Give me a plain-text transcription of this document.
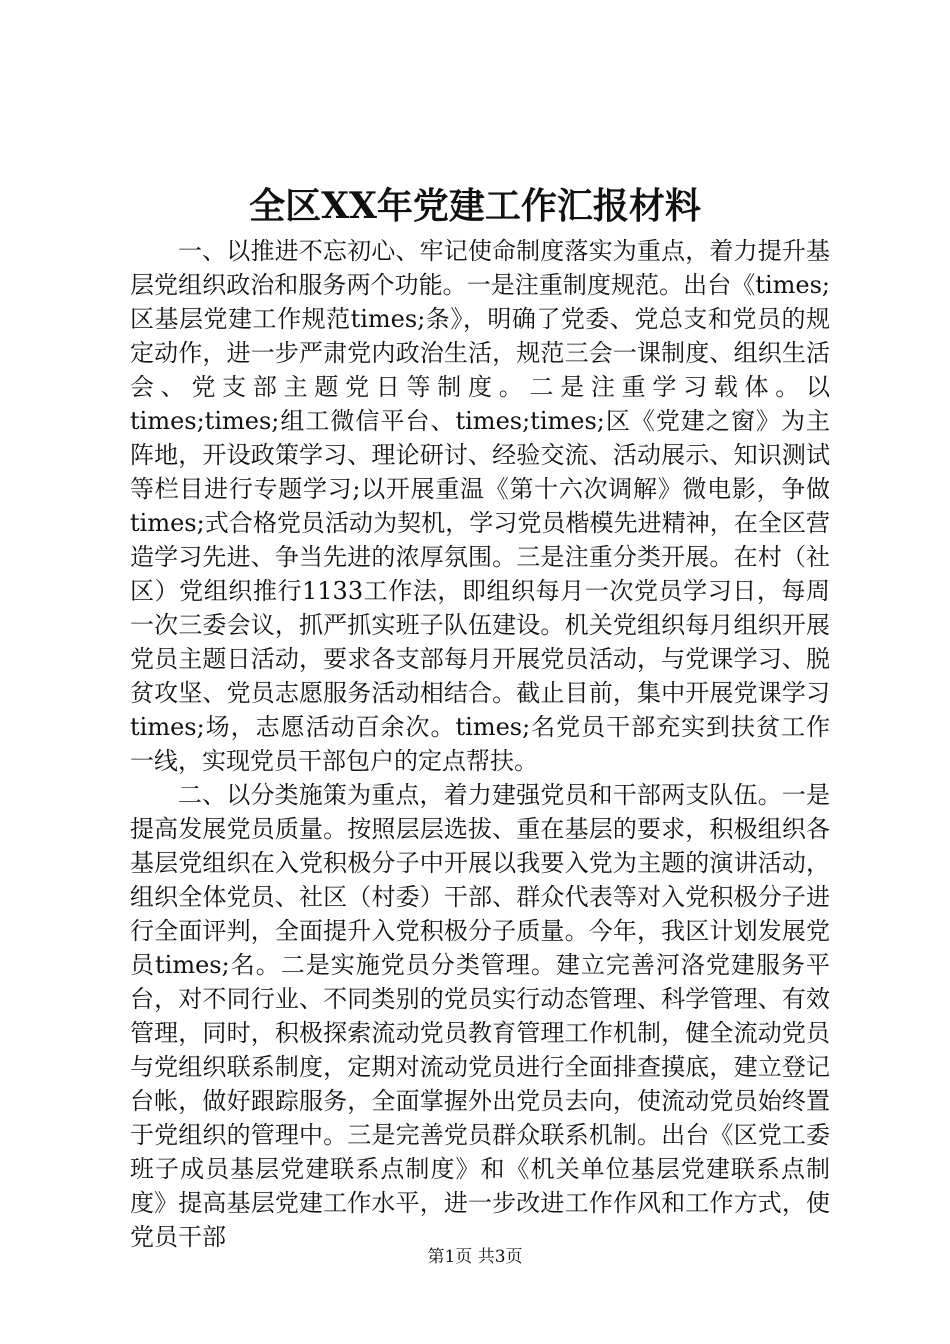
全区XX年党建工作汇报材料

一、以推进不忘初心、牢记使命制度落实为重点，着力提升基层党组织政治和服务两个功能。一是注重制度规范。出台《times;区基层党建工作规范times;条》，明确了党委、党总支和党员的规定动作，进一步严肃党内政治生活，规范三会一课制度、组织生活会、党支部主题党日等制度。二是注重学习载体。以times;times;组工微信平台、times;times;区《党建之窗》为主阵地，开设政策学习、理论研讨、经验交流、活动展示、知识测试等栏目进行专题学习;以开展重温《第十六次调解》微电影，争做times;式合格党员活动为契机，学习党员楷模先进精神，在全区营造学习先进、争当先进的浓厚氛围。三是注重分类开展。在村（社区）党组织推行1133工作法，即组织每月一次党员学习日，每周一次三委会议，抓严抓实班子队伍建设。机关党组织每月组织开展党员主题日活动，要求各支部每月开展党员活动，与党课学习、脱贫攻坚、党员志愿服务活动相结合。截止目前，集中开展党课学习times;场，志愿活动百余次。times;名党员干部充实到扶贫工作一线，实现党员干部包户的定点帮扶。

二、以分类施策为重点，着力建强党员和干部两支队伍。一是提高发展党员质量。按照层层选拔、重在基层的要求，积极组织各基层党组织在入党积极分子中开展以我要入党为主题的演讲活动，组织全体党员、社区（村委）干部、群众代表等对入党积极分子进行全面评判，全面提升入党积极分子质量。今年，我区计划发展党员times;名。二是实施党员分类管理。建立完善河洛党建服务平台，对不同行业、不同类别的党员实行动态管理、科学管理、有效管理，同时，积极探索流动党员教育管理工作机制，健全流动党员与党组织联系制度，定期对流动党员进行全面排查摸底，建立登记台帐，做好跟踪服务，全面掌握外出党员去向，使流动党员始终置于党组织的管理中。三是完善党员群众联系机制。出台《区党工委班子成员基层党建联系点制度》和《机关单位基层党建联系点制度》提高基层党建工作水平，进一步改进工作作风和工作方式，使党员干部

第1页 共3页
